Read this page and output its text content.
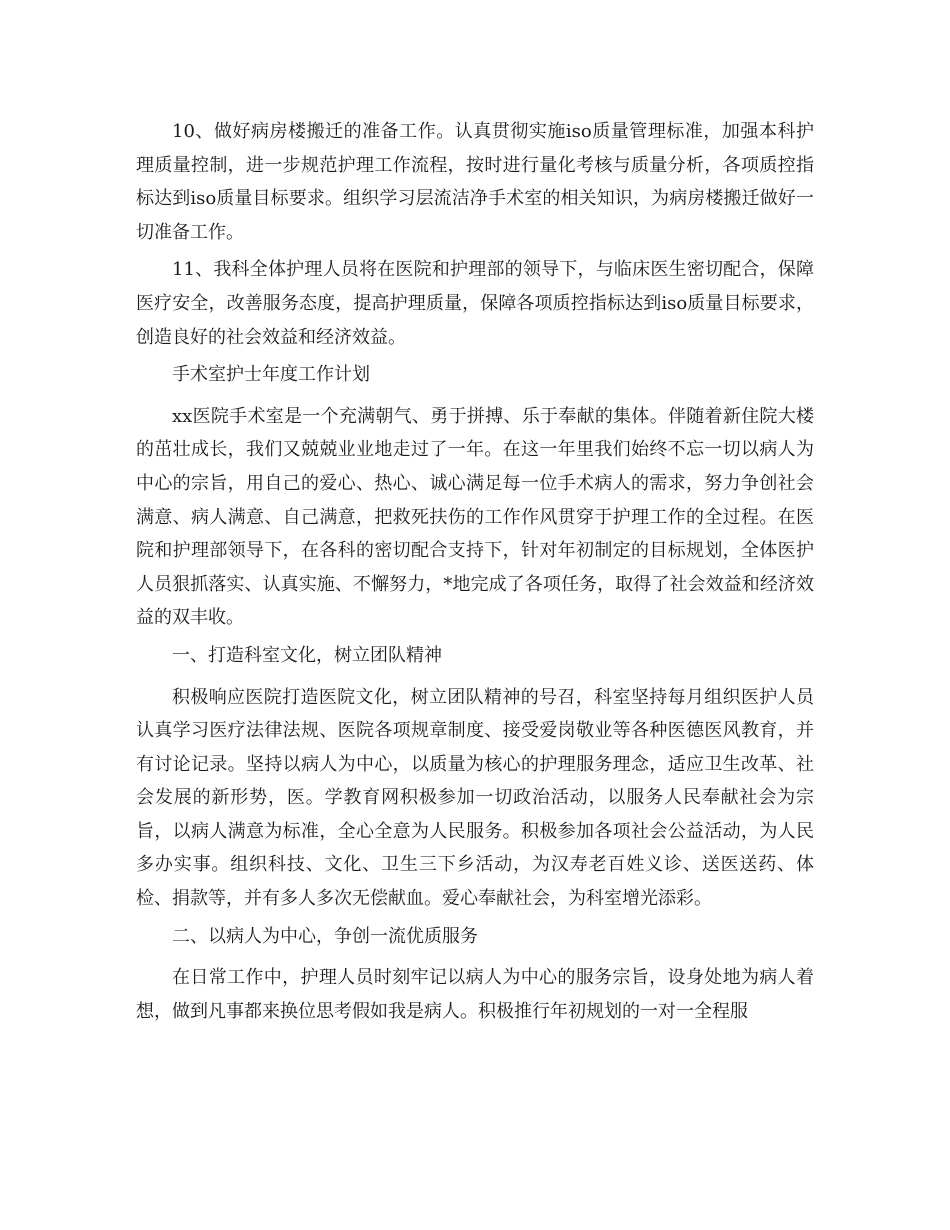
10、做好病房楼搬迁的准备工作。认真贯彻实施iso质量管理标准，加强本科护理质量控制，进一步规范护理工作流程，按时进行量化考核与质量分析，各项质控指标达到iso质量目标要求。组织学习层流洁净手术室的相关知识，为病房楼搬迁做好一切准备工作。

11、我科全体护理人员将在医院和护理部的领导下，与临床医生密切配合，保障医疗安全，改善服务态度，提高护理质量，保障各项质控指标达到iso质量目标要求，创造良好的社会效益和经济效益。

手术室护士年度工作计划

xx医院手术室是一个充满朝气、勇于拼搏、乐于奉献的集体。伴随着新住院大楼的茁壮成长，我们又兢兢业业地走过了一年。在这一年里我们始终不忘一切以病人为中心的宗旨，用自己的爱心、热心、诚心满足每一位手术病人的需求，努力争创社会满意、病人满意、自己满意，把救死扶伤的工作作风贯穿于护理工作的全过程。在医院和护理部领导下，在各科的密切配合支持下，针对年初制定的目标规划，全体医护人员狠抓落实、认真实施、不懈努力，*地完成了各项任务，取得了社会效益和经济效益的双丰收。

一、打造科室文化，树立团队精神

积极响应医院打造医院文化，树立团队精神的号召，科室坚持每月组织医护人员认真学习医疗法律法规、医院各项规章制度、接受爱岗敬业等各种医德医风教育，并有讨论记录。坚持以病人为中心，以质量为核心的护理服务理念，适应卫生改革、社会发展的新形势，医。学教育网积极参加一切政治活动，以服务人民奉献社会为宗旨，以病人满意为标准，全心全意为人民服务。积极参加各项社会公益活动，为人民多办实事。组织科技、文化、卫生三下乡活动，为汉寿老百姓义诊、送医送药、体检、捐款等，并有多人多次无偿献血。爱心奉献社会，为科室增光添彩。

二、以病人为中心，争创一流优质服务

在日常工作中，护理人员时刻牢记以病人为中心的服务宗旨，设身处地为病人着想，做到凡事都来换位思考假如我是病人。积极推行年初规划的一对一全程服
